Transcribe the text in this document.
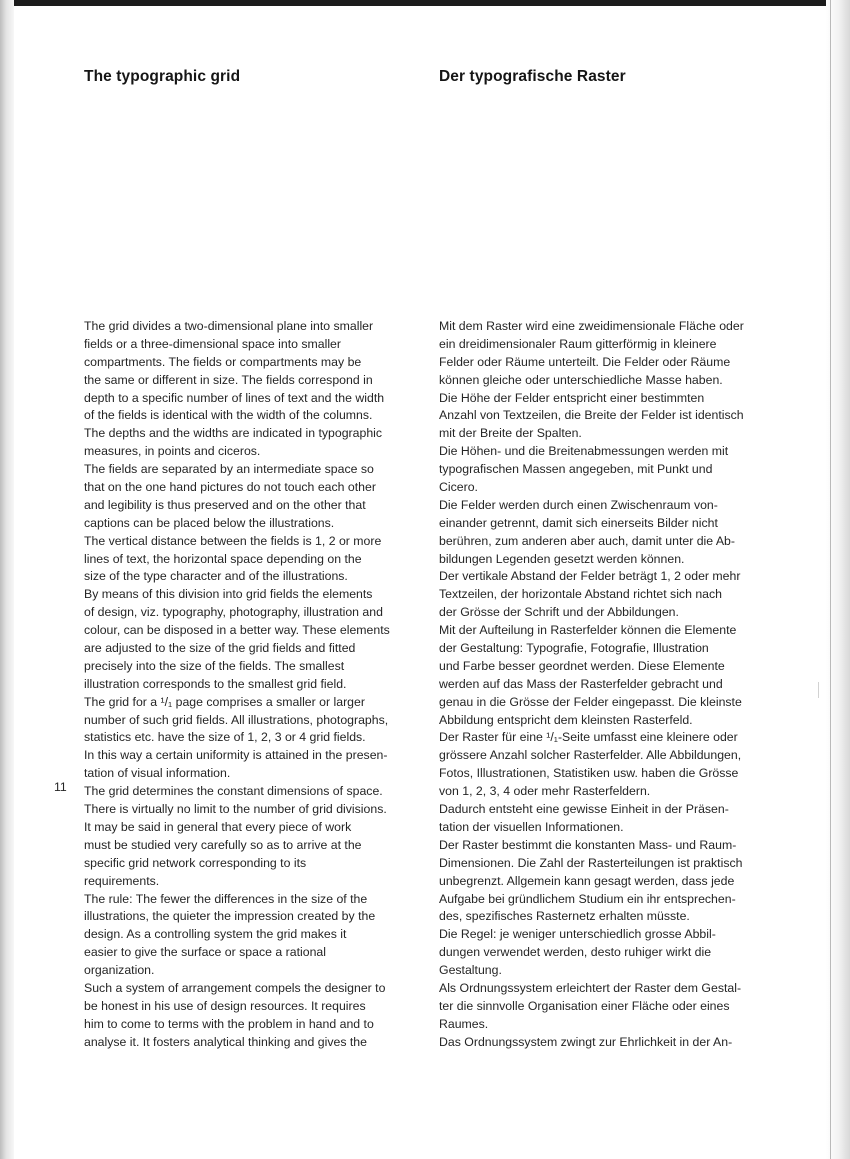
The typographic grid	Der typografische Raster
11
The grid divides a two-dimensional plane into smaller
fields or a three-dimensional space into smaller
compartments. The fields or compartments may be
the same or different in size. The fields correspond in
depth to a specific number of lines of text and the width
of the fields is identical with the width of the columns.
The depths and the widths are indicated in typographic
measures, in points and ciceros.
The fields are separated by an intermediate space so
that on the one hand pictures do not touch each other
and legibility is thus preserved and on the other that
captions can be placed below the illustrations.
The vertical distance between the fields is 1, 2 or more
lines of text, the horizontal space depending on the
size of the type character and of the illustrations.
By means of this division into grid fields the elements
of design, viz. typography, photography, illustration and
colour, can be disposed in a better way. These elements
are adjusted to the size of the grid fields and fitted
precisely into the size of the fields. The smallest
illustration corresponds to the smallest grid field.
The grid for a ¹/₁ page comprises a smaller or larger
number of such grid fields. All illustrations, photographs,
statistics etc. have the size of 1, 2, 3 or 4 grid fields.
In this way a certain uniformity is attained in the presen-
tation of visual information.
The grid determines the constant dimensions of space.
There is virtually no limit to the number of grid divisions.
It may be said in general that every piece of work
must be studied very carefully so as to arrive at the
specific grid network corresponding to its
requirements.
The rule: The fewer the differences in the size of the
illustrations, the quieter the impression created by the
design. As a controlling system the grid makes it
easier to give the surface or space a rational
organization.
Such a system of arrangement compels the designer to
be honest in his use of design resources. It requires
him to come to terms with the problem in hand and to
analyse it. It fosters analytical thinking and gives the
Mit dem Raster wird eine zweidimensionale Fläche oder
ein dreidimensionaler Raum gitterförmig in kleinere
Felder oder Räume unterteilt. Die Felder oder Räume
können gleiche oder unterschiedliche Masse haben.
Die Höhe der Felder entspricht einer bestimmten
Anzahl von Textzeilen, die Breite der Felder ist identisch
mit der Breite der Spalten.
Die Höhen- und die Breitenabmessungen werden mit
typografischen Massen angegeben, mit Punkt und
Cicero.
Die Felder werden durch einen Zwischenraum von-
einander getrennt, damit sich einerseits Bilder nicht
berühren, zum anderen aber auch, damit unter die Ab-
bildungen Legenden gesetzt werden können.
Der vertikale Abstand der Felder beträgt 1, 2 oder mehr
Textzeilen, der horizontale Abstand richtet sich nach
der Grösse der Schrift und der Abbildungen.
Mit der Aufteilung in Rasterfelder können die Elemente
der Gestaltung: Typografie, Fotografie, Illustration
und Farbe besser geordnet werden. Diese Elemente
werden auf das Mass der Rasterfelder gebracht und
genau in die Grösse der Felder eingepasst. Die kleinste
Abbildung entspricht dem kleinsten Rasterfeld.
Der Raster für eine ¹/₁-Seite umfasst eine kleinere oder
grössere Anzahl solcher Rasterfelder. Alle Abbildungen,
Fotos, Illustrationen, Statistiken usw. haben die Grösse
von 1, 2, 3, 4 oder mehr Rasterfeldern.
Dadurch entsteht eine gewisse Einheit in der Präsen-
tation der visuellen Informationen.
Der Raster bestimmt die konstanten Mass- und Raum-
Dimensionen. Die Zahl der Rasterteilungen ist praktisch
unbegrenzt. Allgemein kann gesagt werden, dass jede
Aufgabe bei gründlichem Studium ein ihr entsprechen-
des, spezifisches Rasternetz erhalten müsste.
Die Regel: je weniger unterschiedlich grosse Abbil-
dungen verwendet werden, desto ruhiger wirkt die
Gestaltung.
Als Ordnungssystem erleichtert der Raster dem Gestal-
ter die sinnvolle Organisation einer Fläche oder eines
Raumes.
Das Ordnungssystem zwingt zur Ehrlichkeit in der An-
